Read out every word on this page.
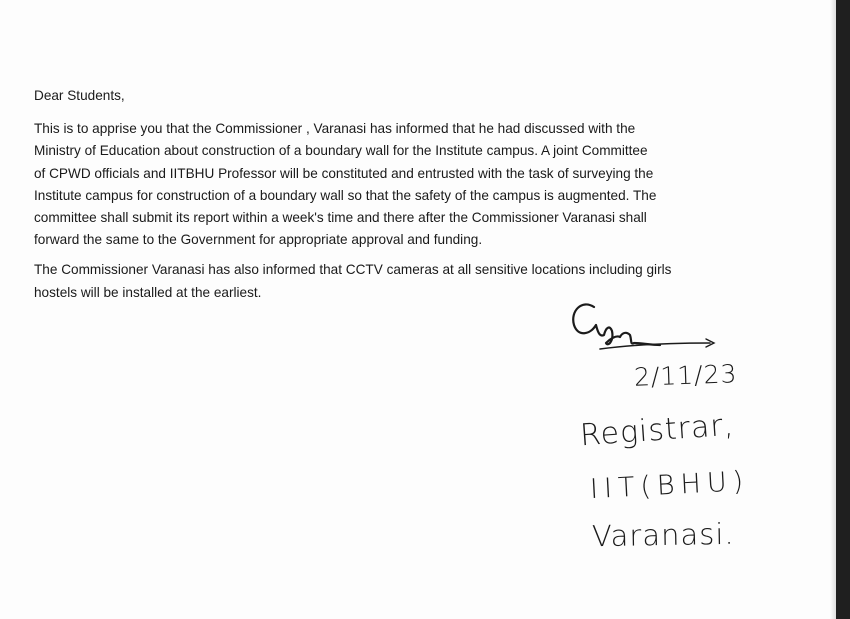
Dear Students,
This is to apprise you that the Commissioner , Varanasi has informed that he had discussed with the
Ministry of Education about construction of a boundary wall for the Institute campus. A joint Committee
of CPWD officials and IITBHU Professor will be constituted and entrusted with the task of surveying the
Institute campus for construction of a boundary wall so that the safety of the campus is augmented. The
committee shall submit its report within a week's time and there after the Commissioner Varanasi shall
forward the same to the Government for appropriate approval and funding.
The Commissioner Varanasi has also informed that CCTV cameras at all sensitive locations including girls
hostels will be installed at the earliest.
2/11/23
Registrar,
IIT(BHU)
Varanasi.
